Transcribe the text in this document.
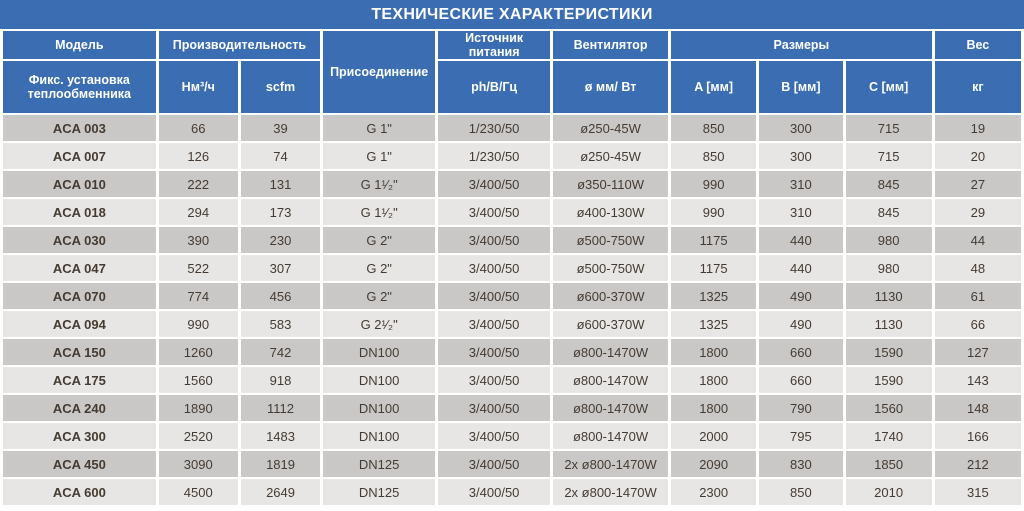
ТЕХНИЧЕСКИЕ ХАРАКТЕРИСТИКИ
Модель	Производительность		Присоединение	Источник питания	Вентилятор	Размеры			Вес
Фикс. установка теплообменника	Нм³/ч	scfm		ph/В/Гц	ø мм/ Вт	A [мм]	B [мм]	C [мм]	кг
ACA 003	66	39	G 1"	1/230/50	ø250-45W	850	300	715	19
ACA 007	126	74	G 1"	1/230/50	ø250-45W	850	300	715	20
ACA 010	222	131	G 1¹⁄₂"	3/400/50	ø350-110W	990	310	845	27
ACA 018	294	173	G 1¹⁄₂"	3/400/50	ø400-130W	990	310	845	29
ACA 030	390	230	G 2"	3/400/50	ø500-750W	1175	440	980	44
ACA 047	522	307	G 2"	3/400/50	ø500-750W	1175	440	980	48
ACA 070	774	456	G 2"	3/400/50	ø600-370W	1325	490	1130	61
ACA 094	990	583	G 2¹⁄₂"	3/400/50	ø600-370W	1325	490	1130	66
ACA 150	1260	742	DN100	3/400/50	ø800-1470W	1800	660	1590	127
ACA 175	1560	918	DN100	3/400/50	ø800-1470W	1800	660	1590	143
ACA 240	1890	1112	DN100	3/400/50	ø800-1470W	1800	790	1560	148
ACA 300	2520	1483	DN100	3/400/50	ø800-1470W	2000	795	1740	166
ACA 450	3090	1819	DN125	3/400/50	2x ø800-1470W	2090	830	1850	212
ACA 600	4500	2649	DN125	3/400/50	2x ø800-1470W	2300	850	2010	315
